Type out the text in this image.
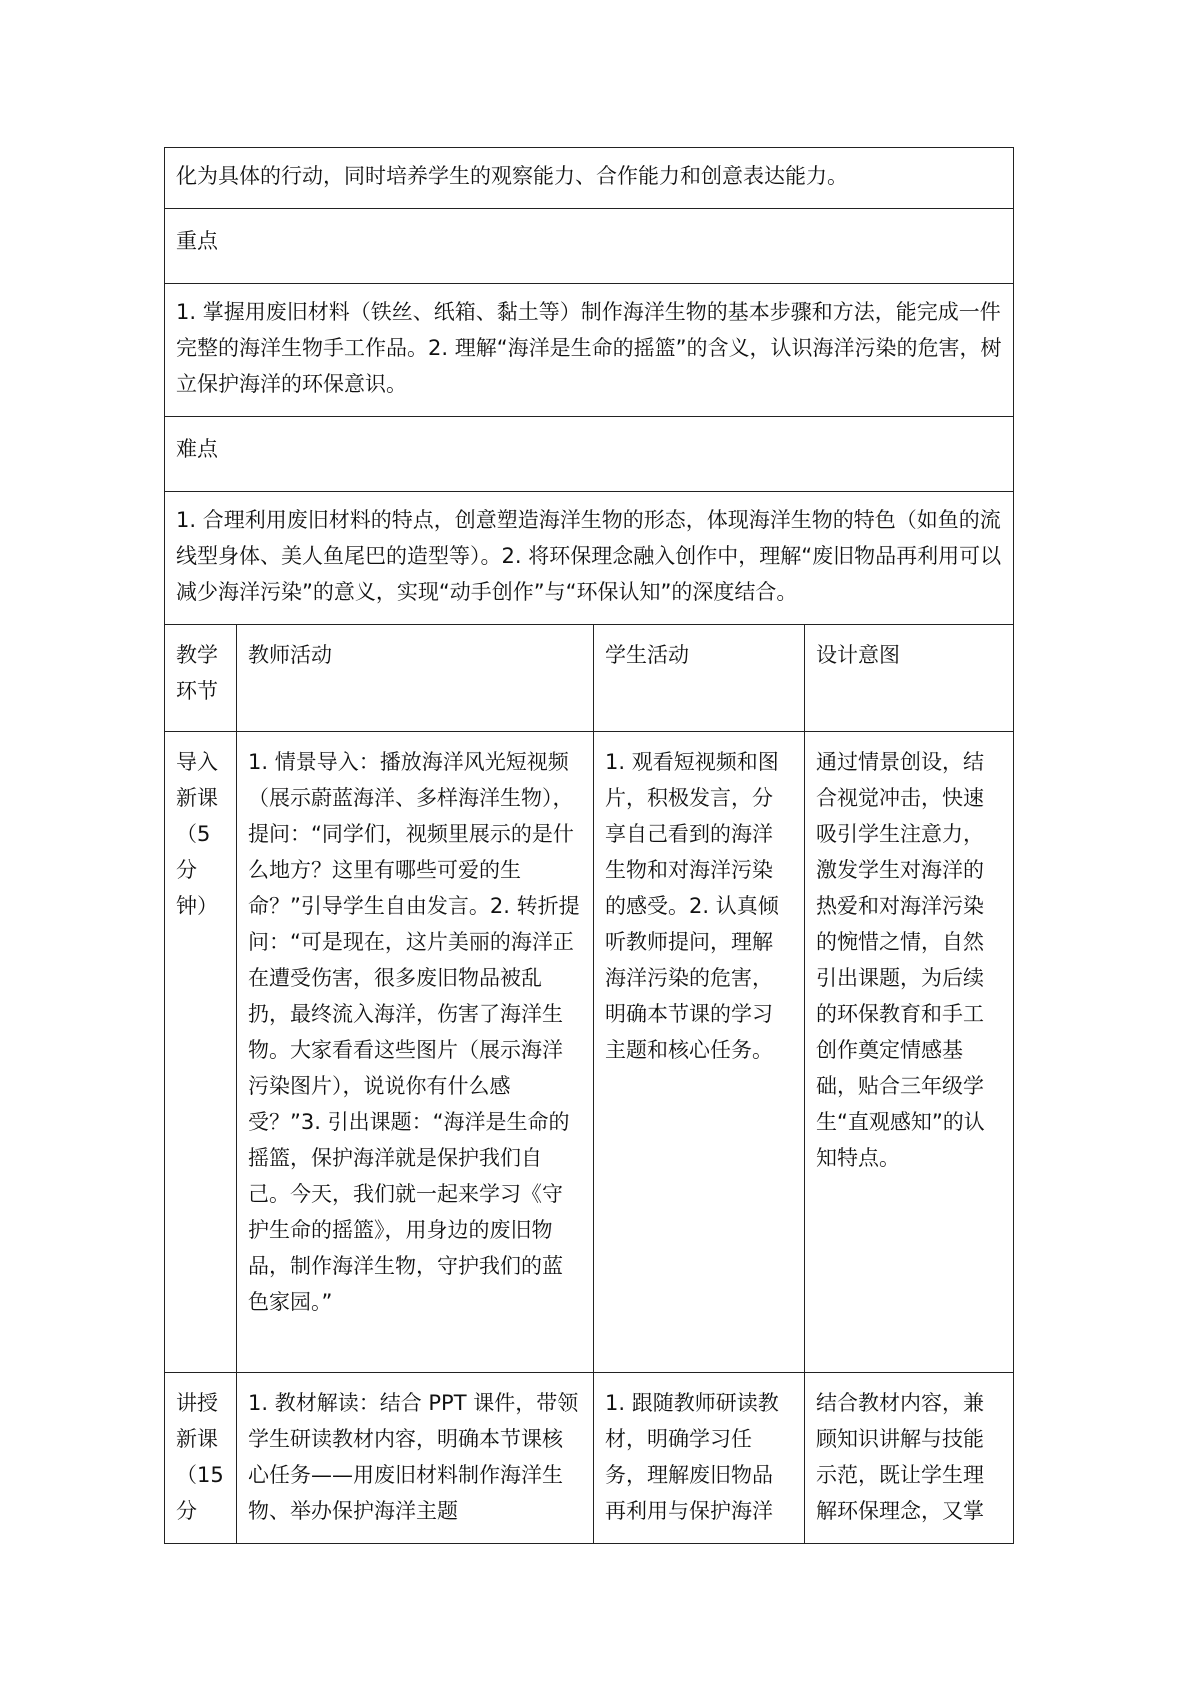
化为具体的行动，同时培养学生的观察能力、合作能力和创意表达能力。			
重点			
1. 掌握用废旧材料（铁丝、纸箱、黏土等）制作海洋生物的基本步骤和方法，能完成一件完整的海洋生物手工作品。2. 理解“海洋是生命的摇篮”的含义，认识海洋污染的危害，树立保护海洋的环保意识。			
难点			
1. 合理利用废旧材料的特点，创意塑造海洋生物的形态，体现海洋生物的特色（如鱼的流线型身体、美人鱼尾巴的造型等）。2. 将环保理念融入创作中，理解“废旧物品再利用可以减少海洋污染”的意义，实现“动手创作”与“环保认知”的深度结合。			
教学环节	教师活动	学生活动	设计意图
导入新课（5分钟）	1. 情景导入：播放海洋风光短视频（展示蔚蓝海洋、多样海洋生物），提问：“同学们，视频里展示的是什么地方？这里有哪些可爱的生命？”引导学生自由发言。2. 转折提问：“可是现在，这片美丽的海洋正在遭受伤害，很多废旧物品被乱扔，最终流入海洋，伤害了海洋生物。大家看看这些图片（展示海洋污染图片），说说你有什么感受？”3. 引出课题：“海洋是生命的摇篮，保护海洋就是保护我们自己。今天，我们就一起来学习《守护生命的摇篮》，用身边的废旧物品，制作海洋生物，守护我们的蓝色家园。”	1. 观看短视频和图片，积极发言，分享自己看到的海洋生物和对海洋污染的感受。2. 认真倾听教师提问，理解海洋污染的危害，明确本节课的学习主题和核心任务。	通过情景创设，结合视觉冲击，快速吸引学生注意力，激发学生对海洋的热爱和对海洋污染的惋惜之情，自然引出课题，为后续的环保教育和手工创作奠定情感基础，贴合三年级学生“直观感知”的认知特点。
讲授新课（15分	1. 教材解读：结合 PPT 课件，带领学生研读教材内容，明确本节课核心任务——用废旧材料制作海洋生物、举办保护海洋主题	1. 跟随教师研读教材，明确学习任务，理解废旧物品再利用与保护海洋	结合教材内容，兼顾知识讲解与技能示范，既让学生理解环保理念，又掌
